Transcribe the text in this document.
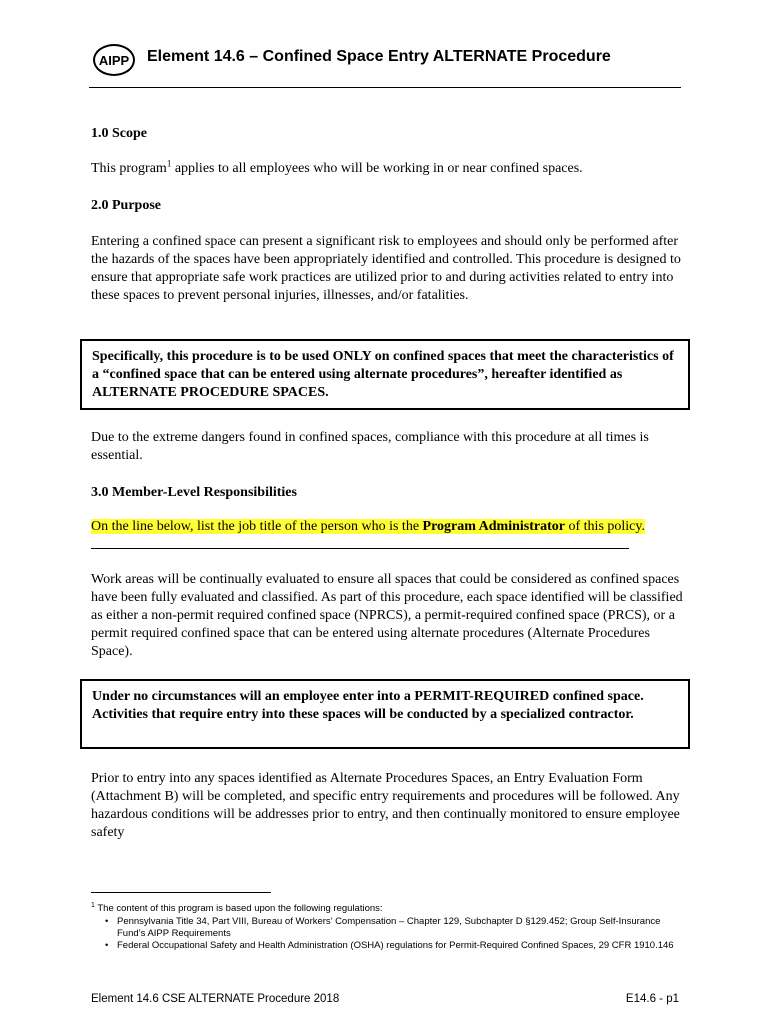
AIPP	Element 14.6 – Confined Space Entry ALTERNATE Procedure
1.0 Scope
This program$^1$ applies to all employees who will be working in or near confined spaces.
2.0 Purpose
Entering a confined space can present a significant risk to employees and should only be performed after the hazards of the spaces have been appropriately identified and controlled. This procedure is designed to ensure that appropriate safe work practices are utilized prior to and during activities related to entry into these spaces to prevent personal injuries, illnesses, and/or fatalities.
Specifically, this procedure is to be used ONLY on confined spaces that meet the characteristics of a “confined space that can be entered using alternate procedures”, hereafter identified as ALTERNATE PROCEDURE SPACES.
Due to the extreme dangers found in confined spaces, compliance with this procedure at all times is essential.
3.0 Member-Level Responsibilities
On the line below, list the job title of the person who is the Program Administrator of this policy.
Work areas will be continually evaluated to ensure all spaces that could be considered as confined spaces have been fully evaluated and classified. As part of this procedure, each space identified will be classified as either a non-permit required confined space (NPRCS), a permit-required confined space (PRCS), or a permit required confined space that can be entered using alternate procedures (Alternate Procedures Space).
Under no circumstances will an employee enter into a PERMIT-REQUIRED confined space. Activities that require entry into these spaces will be conducted by a specialized contractor.
Prior to entry into any spaces identified as Alternate Procedures Spaces, an Entry Evaluation Form (Attachment B) will be completed, and specific entry requirements and procedures will be followed. Any hazardous conditions will be addresses prior to entry, and then continually monitored to ensure employee safety
$^1$ The content of this program is based upon the following regulations:
• Pennsylvania Title 34, Part VIII, Bureau of Workers’ Compensation – Chapter 129, Subchapter D §129.452; Group Self-Insurance Fund’s AIPP Requirements
• Federal Occupational Safety and Health Administration (OSHA) regulations for Permit-Required Confined Spaces, 29 CFR 1910.146
Element 14.6 CSE ALTERNATE Procedure 2018	E14.6 - p1
